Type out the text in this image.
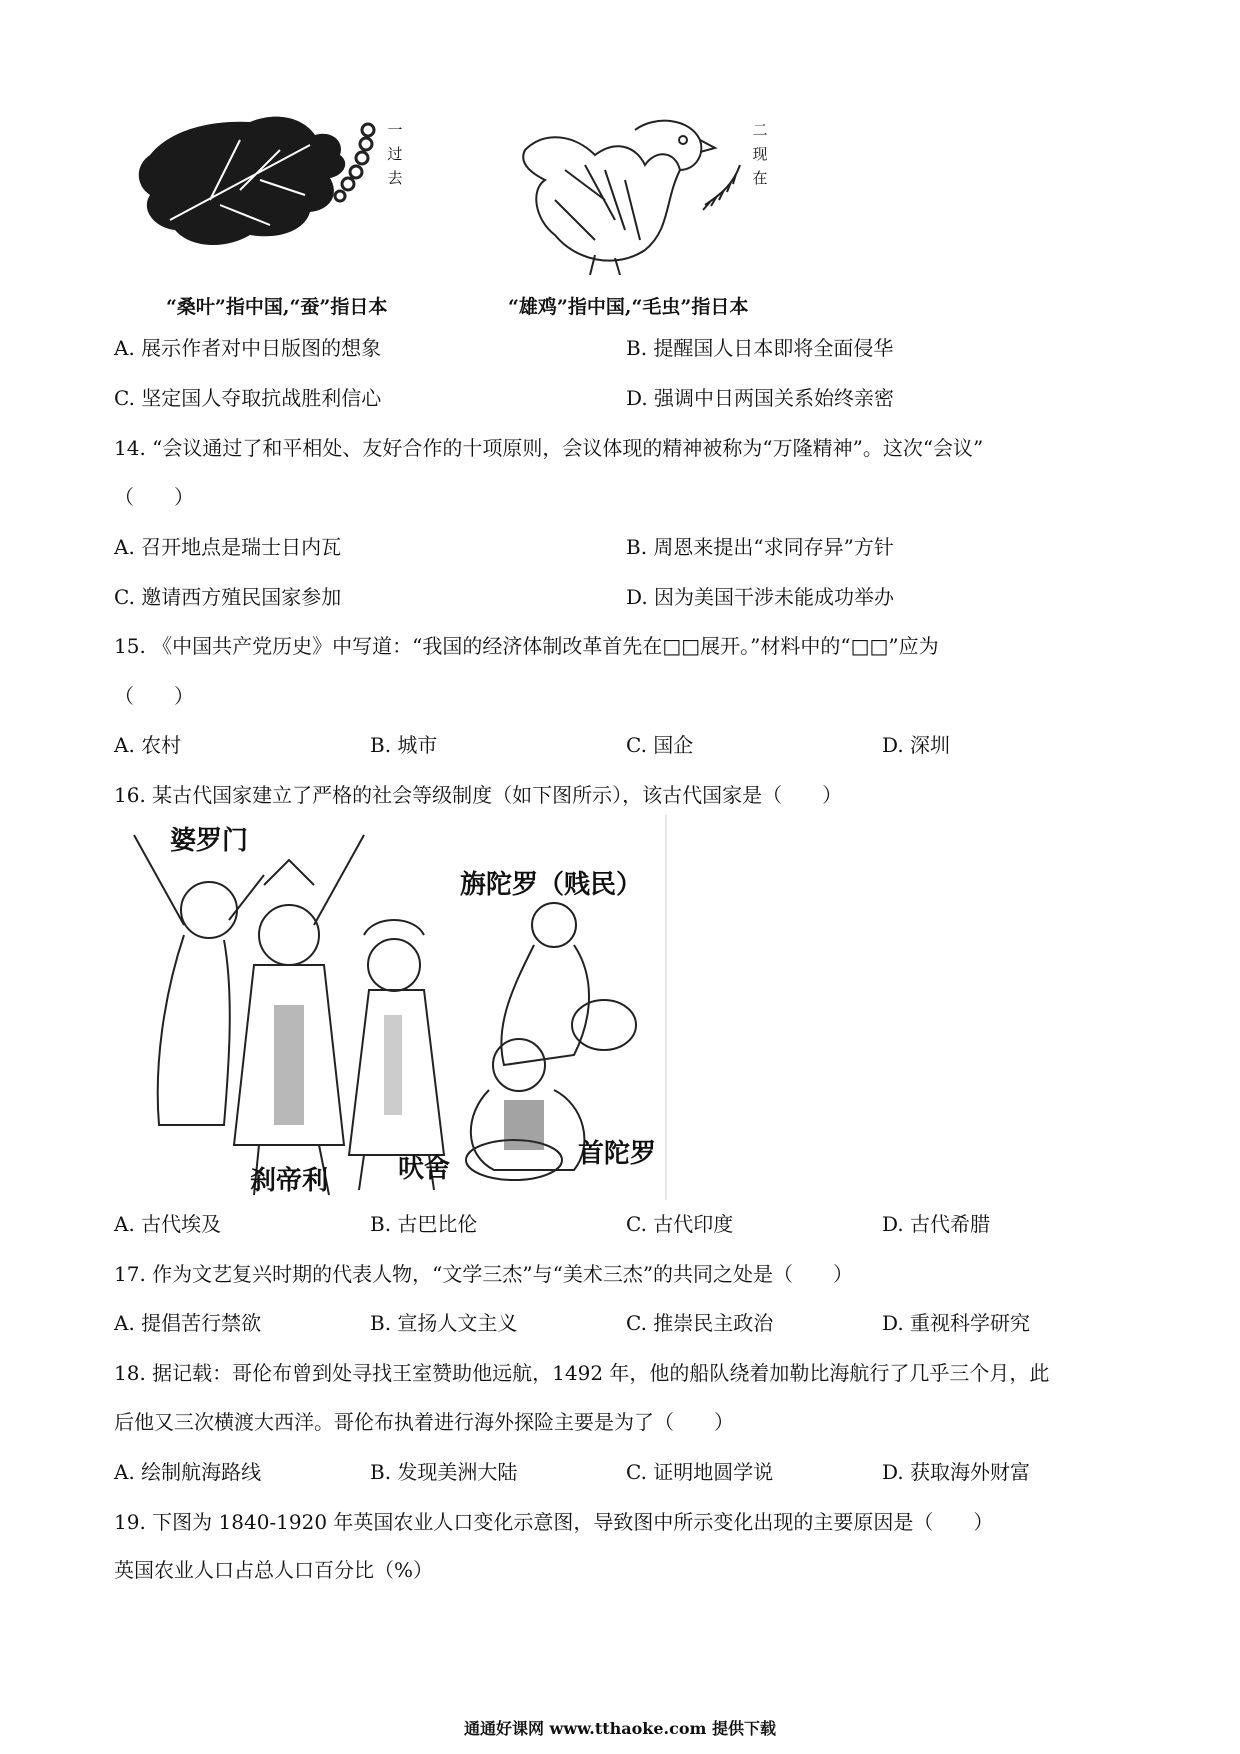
一过去
二现在
“桑叶”指中国,“蚕”指日本	“雄鸡”指中国,“毛虫”指日本
A. 展示作者对中日版图的想象	B. 提醒国人日本即将全面侵华
C. 坚定国人夺取抗战胜利信心	D. 强调中日两国关系始终亲密
14. “会议通过了和平相处、友好合作的十项原则，会议体现的精神被称为“万隆精神”。这次“会议”
（　　）
A. 召开地点是瑞士日内瓦	B. 周恩来提出“求同存异”方针
C. 邀请西方殖民国家参加	D. 因为美国干涉未能成功举办
15. 《中国共产党历史》中写道：“我国的经济体制改革首先在□□展开。”材料中的“□□”应为
（　　）
A. 农村	B. 城市	C. 国企	D. 深圳
16. 某古代国家建立了严格的社会等级制度（如下图所示），该古代国家是（　　）
婆罗门
旃陀罗（贱民）
刹帝利	吠舍	首陀罗
A. 古代埃及	B. 古巴比伦	C. 古代印度	D. 古代希腊
17. 作为文艺复兴时期的代表人物，“文学三杰”与“美术三杰”的共同之处是（　　）
A. 提倡苦行禁欲	B. 宣扬人文主义	C. 推崇民主政治	D. 重视科学研究
18. 据记载：哥伦布曾到处寻找王室赞助他远航，1492 年，他的船队绕着加勒比海航行了几乎三个月，此
后他又三次横渡大西洋。哥伦布执着进行海外探险主要是为了（　　）
A. 绘制航海路线	B. 发现美洲大陆	C. 证明地圆学说	D. 获取海外财富
19. 下图为 1840-1920 年英国农业人口变化示意图，导致图中所示变化出现的主要原因是（　　）
英国农业人口占总人口百分比（%）
通通好课网 www.tthaoke.com 提供下载
